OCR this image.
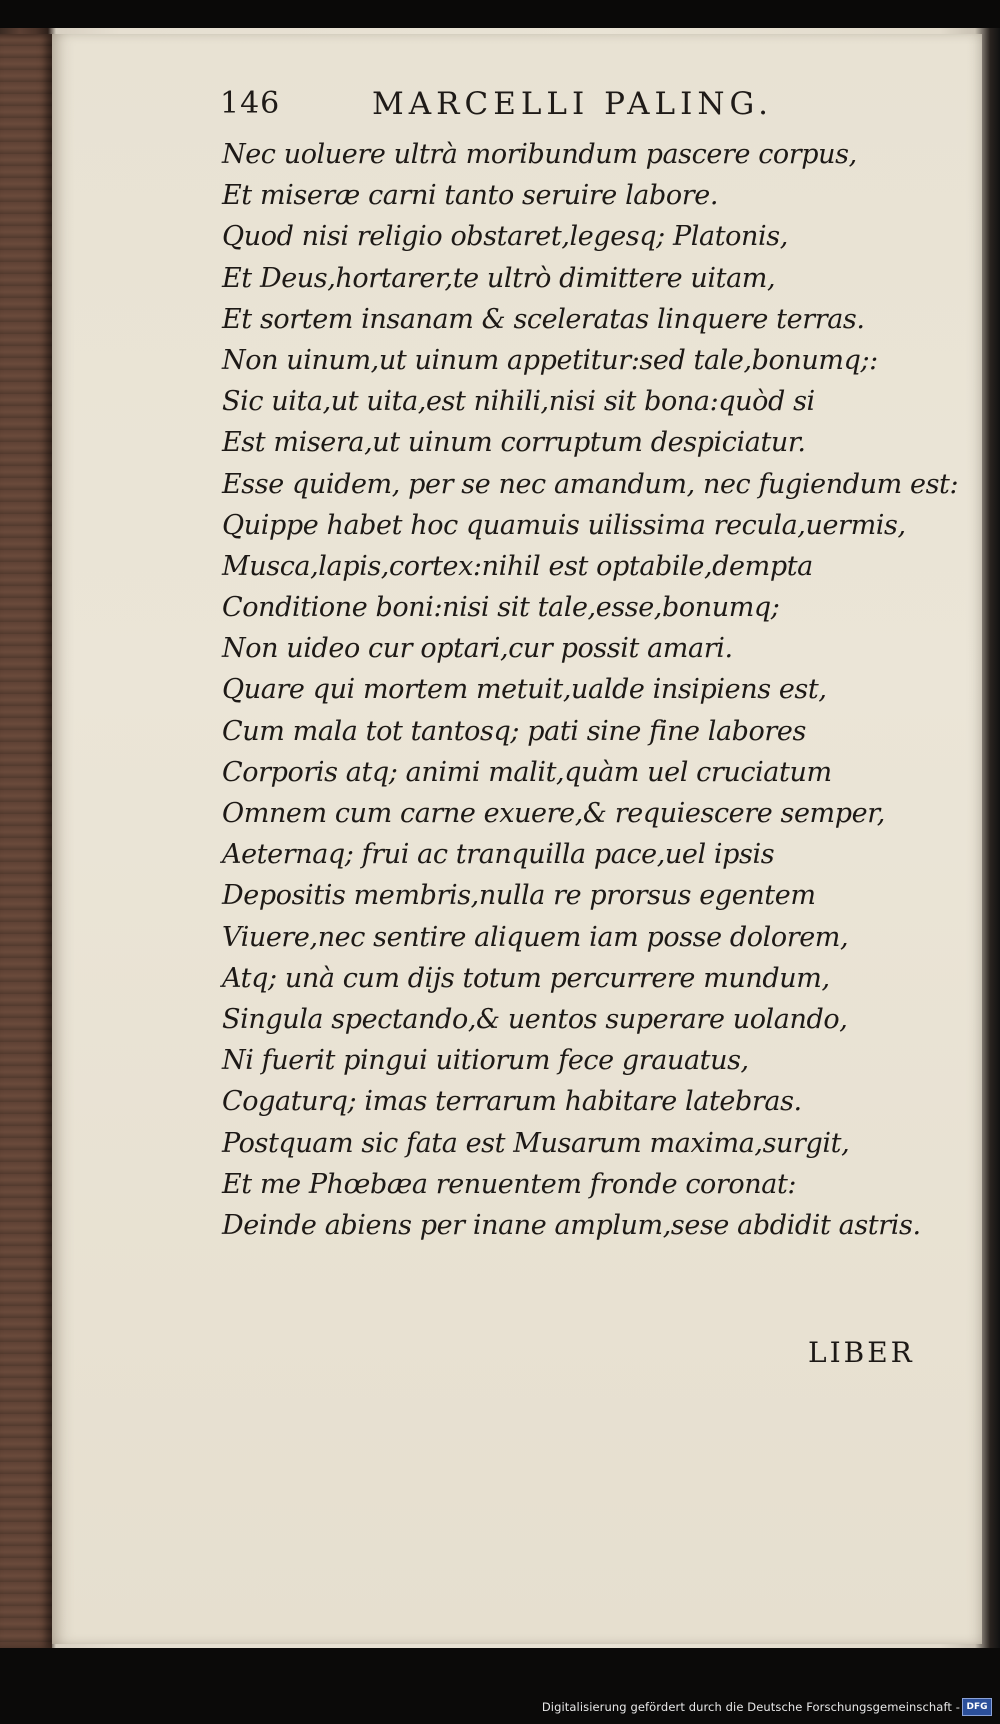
146	MARCELLI PALING.
Nec uoluere ultrà moribundum pascere corpus,
Et miseræ carni tanto seruire labore.
Quod nisi religio obstaret,legesq; Platonis,
Et Deus,hortarer,te ultrò dimittere uitam,
Et sortem insanam & sceleratas linquere terras.
Non uinum,ut uinum appetitur:sed tale,bonumq;:
Sic uita,ut uita,est nihili,nisi sit bona:quòd si
Est misera,ut uinum corruptum despiciatur.
Esse quidem, per se nec amandum, nec fugiendum est:
Quippe habet hoc quamuis uilissima recula,uermis,
Musca,lapis,cortex:nihil est optabile,dempta
Conditione boni:nisi sit tale,esse,bonumq;
Non uideo cur optari,cur possit amari.
Quare qui mortem metuit,ualde insipiens est,
Cum mala tot tantosq; pati sine fine labores
Corporis atq; animi malit,quàm uel cruciatum
Omnem cum carne exuere,& requiescere semper,
Aeternaq; frui ac tranquilla pace,uel ipsis
Depositis membris,nulla re prorsus egentem
Viuere,nec sentire aliquem iam posse dolorem,
Atq; unà cum dijs totum percurrere mundum,
Singula spectando,& uentos superare uolando,
Ni fuerit pingui uitiorum fece grauatus,
Cogaturq; imas terrarum habitare latebras.
Postquam sic fata est Musarum maxima,surgit,
Et me Phœbæa renuentem fronde coronat:
Deinde abiens per inane amplum,sese abdidit astris.
LIBER
Digitalisierung gefördert durch die Deutsche Forschungsgemeinschaft - DFG
